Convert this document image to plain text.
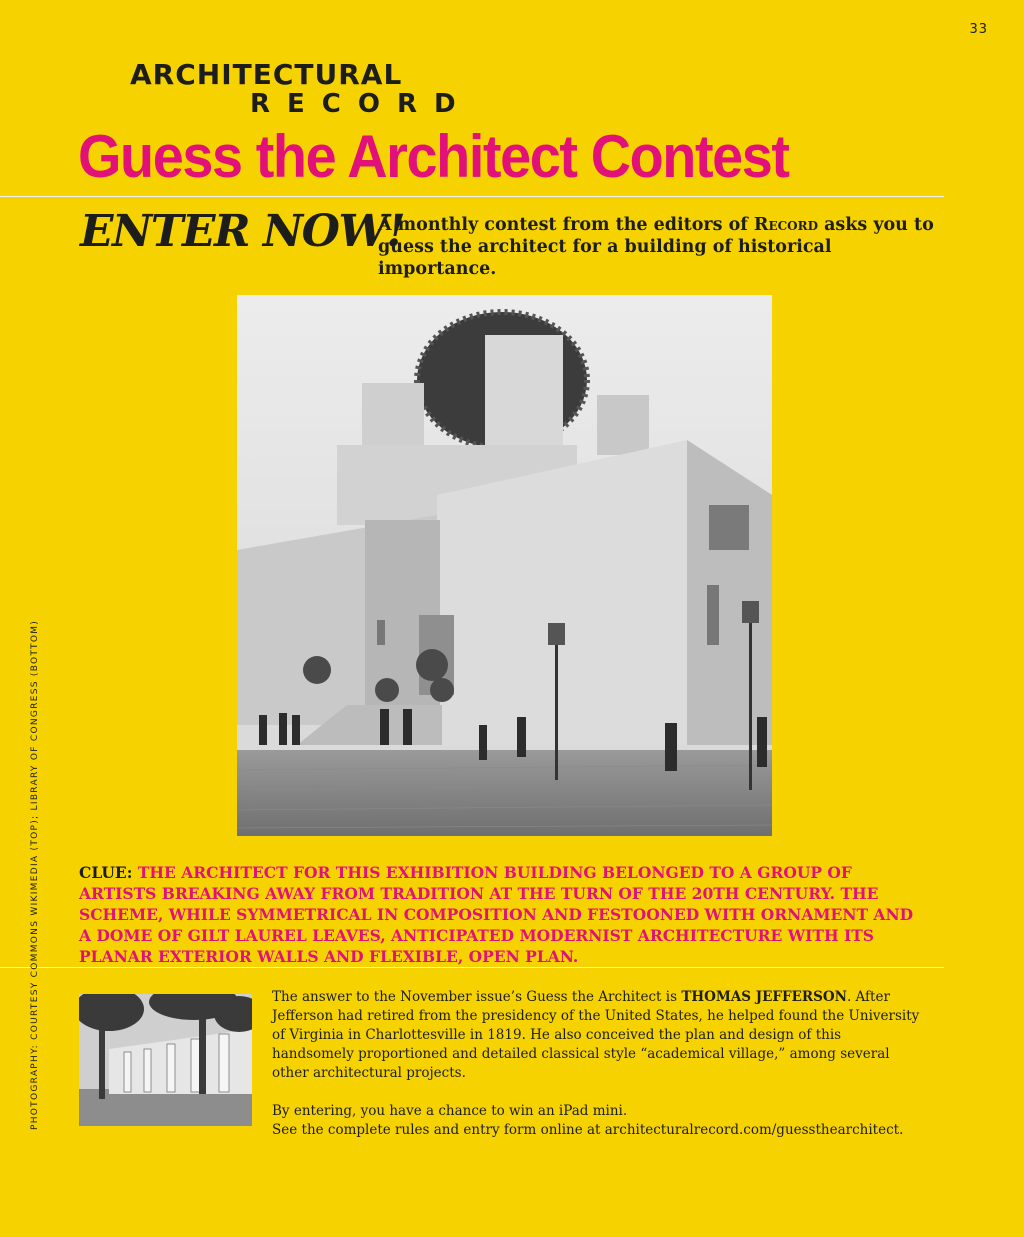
33
ARCHITECTURAL
RECORD
Guess the Architect Contest
ENTER NOW!
A monthly contest from the editors of Record asks you to guess the architect for a building of historical importance.
CLUE: THE ARCHITECT FOR THIS EXHIBITION BUILDING BELONGED TO A GROUP OF ARTISTS BREAKING AWAY FROM TRADITION AT THE TURN OF THE 20TH CENTURY. THE SCHEME, WHILE SYMMETRICAL IN COMPOSITION AND FESTOONED WITH ORNAMENT AND A DOME OF GILT LAUREL LEAVES, ANTICIPATED MODERNIST ARCHITECTURE WITH ITS PLANAR EXTERIOR WALLS AND FLEXIBLE, OPEN PLAN.
PHOTOGRAPHY: COURTESY COMMONS WIKIMEDIA (TOP); LIBRARY OF CONGRESS (BOTTOM)	The answer to the November issue’s Guess the Architect is THOMAS JEFFERSON. After Jefferson had retired from the presidency of the United States, he helped found the University of Virginia in Charlottesville in 1819. He also conceived the plan and design of this handsomely proportioned and detailed classical style “academical village,” among several other architectural projects.

By entering, you have a chance to win an iPad mini.
See the complete rules and entry form online at architecturalrecord.com/guessthearchitect.
